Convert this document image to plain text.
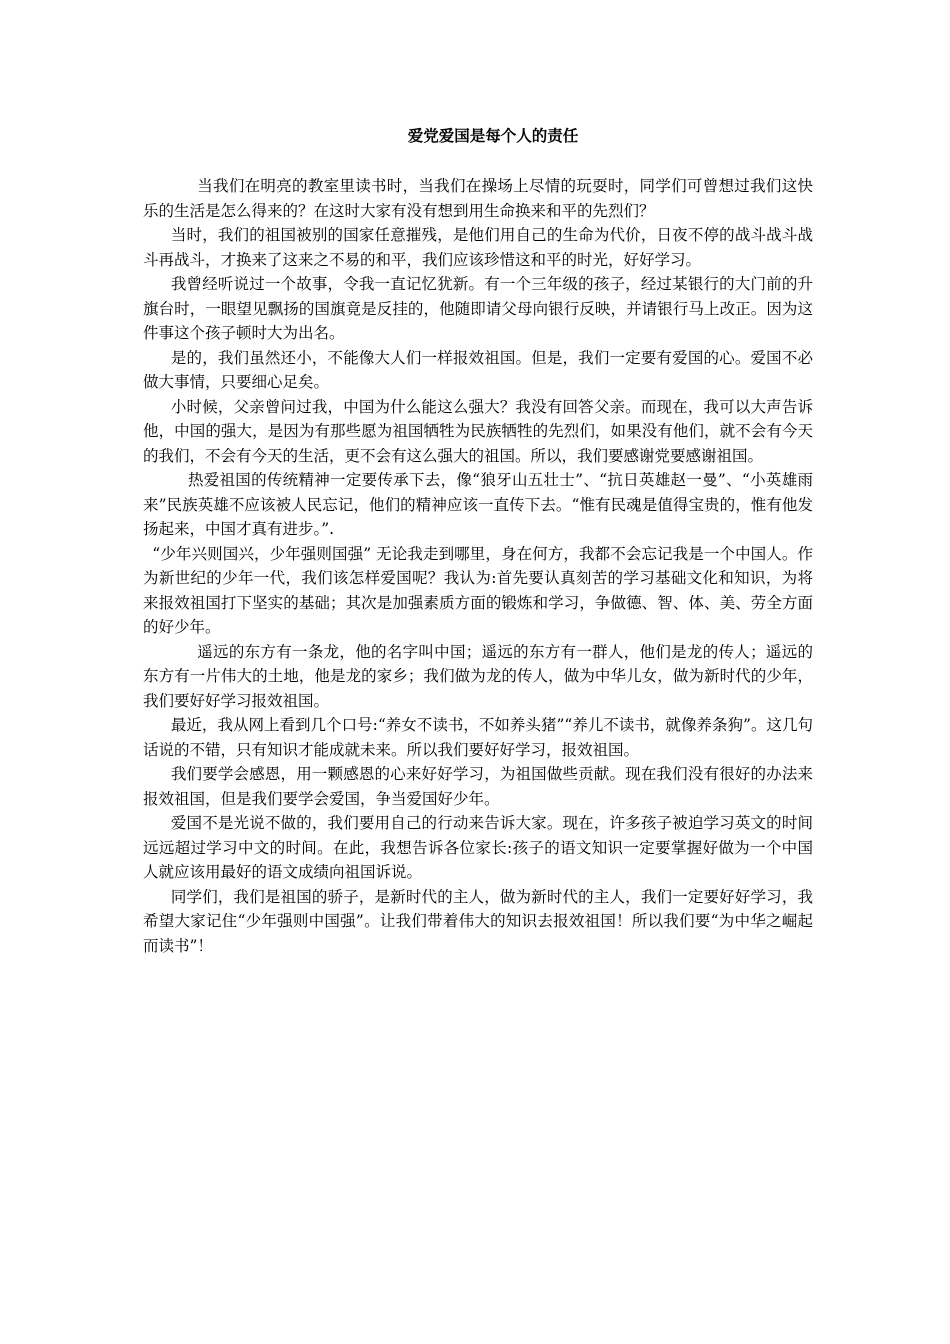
爱党爱国是每个人的责任

当我们在明亮的教室里读书时，当我们在操场上尽情的玩耍时，同学们可曾想过我们这快乐的生活是怎么得来的？在这时大家有没有想到用生命换来和平的先烈们？

当时，我们的祖国被别的国家任意摧残，是他们用自己的生命为代价，日夜不停的战斗战斗战斗再战斗，才换来了这来之不易的和平，我们应该珍惜这和平的时光，好好学习。

我曾经听说过一个故事，令我一直记忆犹新。有一个三年级的孩子，经过某银行的大门前的升旗台时，一眼望见飘扬的国旗竟是反挂的，他随即请父母向银行反映，并请银行马上改正。因为这件事这个孩子顿时大为出名。

是的，我们虽然还小，不能像大人们一样报效祖国。但是，我们一定要有爱国的心。爱国不必做大事情，只要细心足矣。

小时候，父亲曾问过我，中国为什么能这么强大？我没有回答父亲。而现在，我可以大声告诉他，中国的强大，是因为有那些愿为祖国牺牲为民族牺牲的先烈们，如果没有他们，就不会有今天的我们，不会有今天的生活，更不会有这么强大的祖国。所以，我们要感谢党要感谢祖国。

热爱祖国的传统精神一定要传承下去，像“狼牙山五壮士”、“抗日英雄赵一曼”、“小英雄雨来”民族英雄不应该被人民忘记，他们的精神应该一直传下去。“惟有民魂是值得宝贵的，惟有他发扬起来，中国才真有进步。”.

“少年兴则国兴，少年强则国强” 无论我走到哪里，身在何方，我都不会忘记我是一个中国人。作为新世纪的少年一代，我们该怎样爱国呢？我认为:首先要认真刻苦的学习基础文化和知识，为将来报效祖国打下坚实的基础；其次是加强素质方面的锻炼和学习，争做德、智、体、美、劳全方面的好少年。

遥远的东方有一条龙，他的名字叫中国；遥远的东方有一群人，他们是龙的传人；遥远的东方有一片伟大的土地，他是龙的家乡；我们做为龙的传人，做为中华儿女，做为新时代的少年，我们要好好学习报效祖国。

最近，我从网上看到几个口号:“养女不读书，不如养头猪”“养儿不读书，就像养条狗”。这几句话说的不错，只有知识才能成就未来。所以我们要好好学习，报效祖国。

我们要学会感恩，用一颗感恩的心来好好学习，为祖国做些贡献。现在我们没有很好的办法来报效祖国，但是我们要学会爱国，争当爱国好少年。

爱国不是光说不做的，我们要用自己的行动来告诉大家。现在，许多孩子被迫学习英文的时间远远超过学习中文的时间。在此，我想告诉各位家长:孩子的语文知识一定要掌握好做为一个中国人就应该用最好的语文成绩向祖国诉说。

同学们，我们是祖国的骄子，是新时代的主人，做为新时代的主人，我们一定要好好学习，我希望大家记住“少年强则中国强”。让我们带着伟大的知识去报效祖国！所以我们要“为中华之崛起而读书”！
